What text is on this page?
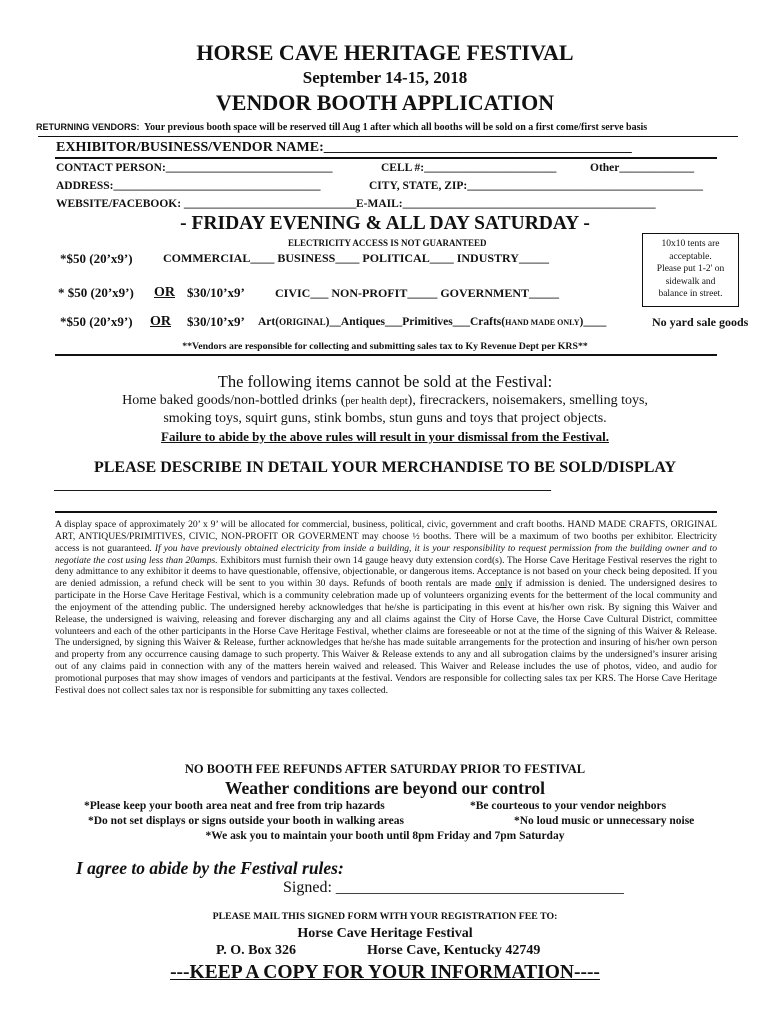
HORSE CAVE HERITAGE FESTIVAL
September 14-15, 2018
VENDOR BOOTH APPLICATION
RETURNING VENDORS: Your previous booth space will be reserved till Aug 1 after which all booths will be sold on a first come/first serve basis
EXHIBITOR/BUSINESS/VENDOR NAME:____________________________________________
CONTACT PERSON:_____________________________	CELL #:_______________________	Other_____________
ADDRESS:____________________________________	CITY, STATE, ZIP:_________________________________________
WEBSITE/FACEBOOK: ______________________________ E-MAIL:____________________________________________
- FRIDAY EVENING & ALL DAY SATURDAY -
ELECTRICITY ACCESS IS NOT GUARANTEED	10x10 tents are
acceptable.
Please put 1-2' on
sidewalk and
balance in street.
*$50 (20’x9’)	COMMERCIAL____ BUSINESS____ POLITICAL____ INDUSTRY_____
* $50 (20’x9’) OR $30/10’x9’	CIVIC___ NON-PROFIT_____ GOVERNMENT_____
*$50 (20’x9’) OR $30/10’x9’ Art(ORIGINAL)__Antiques___Primitives___Crafts(HAND MADE ONLY)____	No yard sale goods
**Vendors are responsible for collecting and submitting sales tax to Ky Revenue Dept per KRS**
The following items cannot be sold at the Festival:
Home baked goods/non-bottled drinks (per health dept), firecrackers, noisemakers, smelling toys,
smoking toys, squirt guns, stink bombs, stun guns and toys that project objects.
Failure to abide by the above rules will result in your dismissal from the Festival.
PLEASE DESCRIBE IN DETAIL YOUR MERCHANDISE TO BE SOLD/DISPLAY
_______________________________________________________________________
A display space of approximately 20’ x 9’ will be allocated for commercial, business, political, civic, government and craft booths. HAND MADE CRAFTS, ORIGINAL ART, ANTIQUES/PRIMITIVES, CIVIC, NON-PROFIT OR GOVERMENT may choose ½ booths. There will be a maximum of two booths per exhibitor. Electricity access is not guaranteed. If you have previously obtained electricity from inside a building, it is your responsibility to request permission from the building owner and to negotiate the cost using less than 20amps. Exhibitors must furnish their own 14 gauge heavy duty extension cord(s). The Horse Cave Heritage Festival reserves the right to deny admittance to any exhibitor it deems to have questionable, offensive, objectionable, or dangerous items. Acceptance is not based on your check being deposited. If you are denied admission, a refund check will be sent to you within 30 days. Refunds of booth rentals are made only if admission is denied. The undersigned desires to participate in the Horse Cave Heritage Festival, which is a community celebration made up of volunteers organizing events for the betterment of the local community and the enjoyment of the attending public. The undersigned hereby acknowledges that he/she is participating in this event at his/her own risk. By signing this Waiver and Release, the undersigned is waiving, releasing and forever discharging any and all claims against the City of Horse Cave, the Horse Cave Cultural District, committee volunteers and each of the other participants in the Horse Cave Heritage Festival, whether claims are foreseeable or not at the time of the signing of this Waiver & Release. The undersigned, by signing this Waiver & Release, further acknowledges that he/she has made suitable arrangements for the protection and insuring of his/her own person and property from any occurrence causing damage to such property. This Waiver & Release extends to any and all subrogation claims by the undersigned’s insurer arising out of any claims paid in connection with any of the matters herein waived and released. This Waiver and Release includes the use of photos, video, and audio for promotional purposes that may show images of vendors and participants at the festival. Vendors are responsible for collecting sales tax per KRS. The Horse Cave Heritage Festival does not collect sales tax nor is responsible for submitting any taxes collected.
NO BOOTH FEE REFUNDS AFTER SATURDAY PRIOR TO FESTIVAL
Weather conditions are beyond our control
*Please keep your booth area neat and free from trip hazards	*Be courteous to your vendor neighbors
*Do not set displays or signs outside your booth in walking areas	*No loud music or unnecessary noise
*We ask you to maintain your booth until 8pm Friday and 7pm Saturday
I agree to abide by the Festival rules:
Signed: ____________________________________
PLEASE MAIL THIS SIGNED FORM WITH YOUR REGISTRATION FEE TO:
Horse Cave Heritage Festival
P. O. Box 326	Horse Cave, Kentucky 42749
---KEEP A COPY FOR YOUR INFORMATION----
